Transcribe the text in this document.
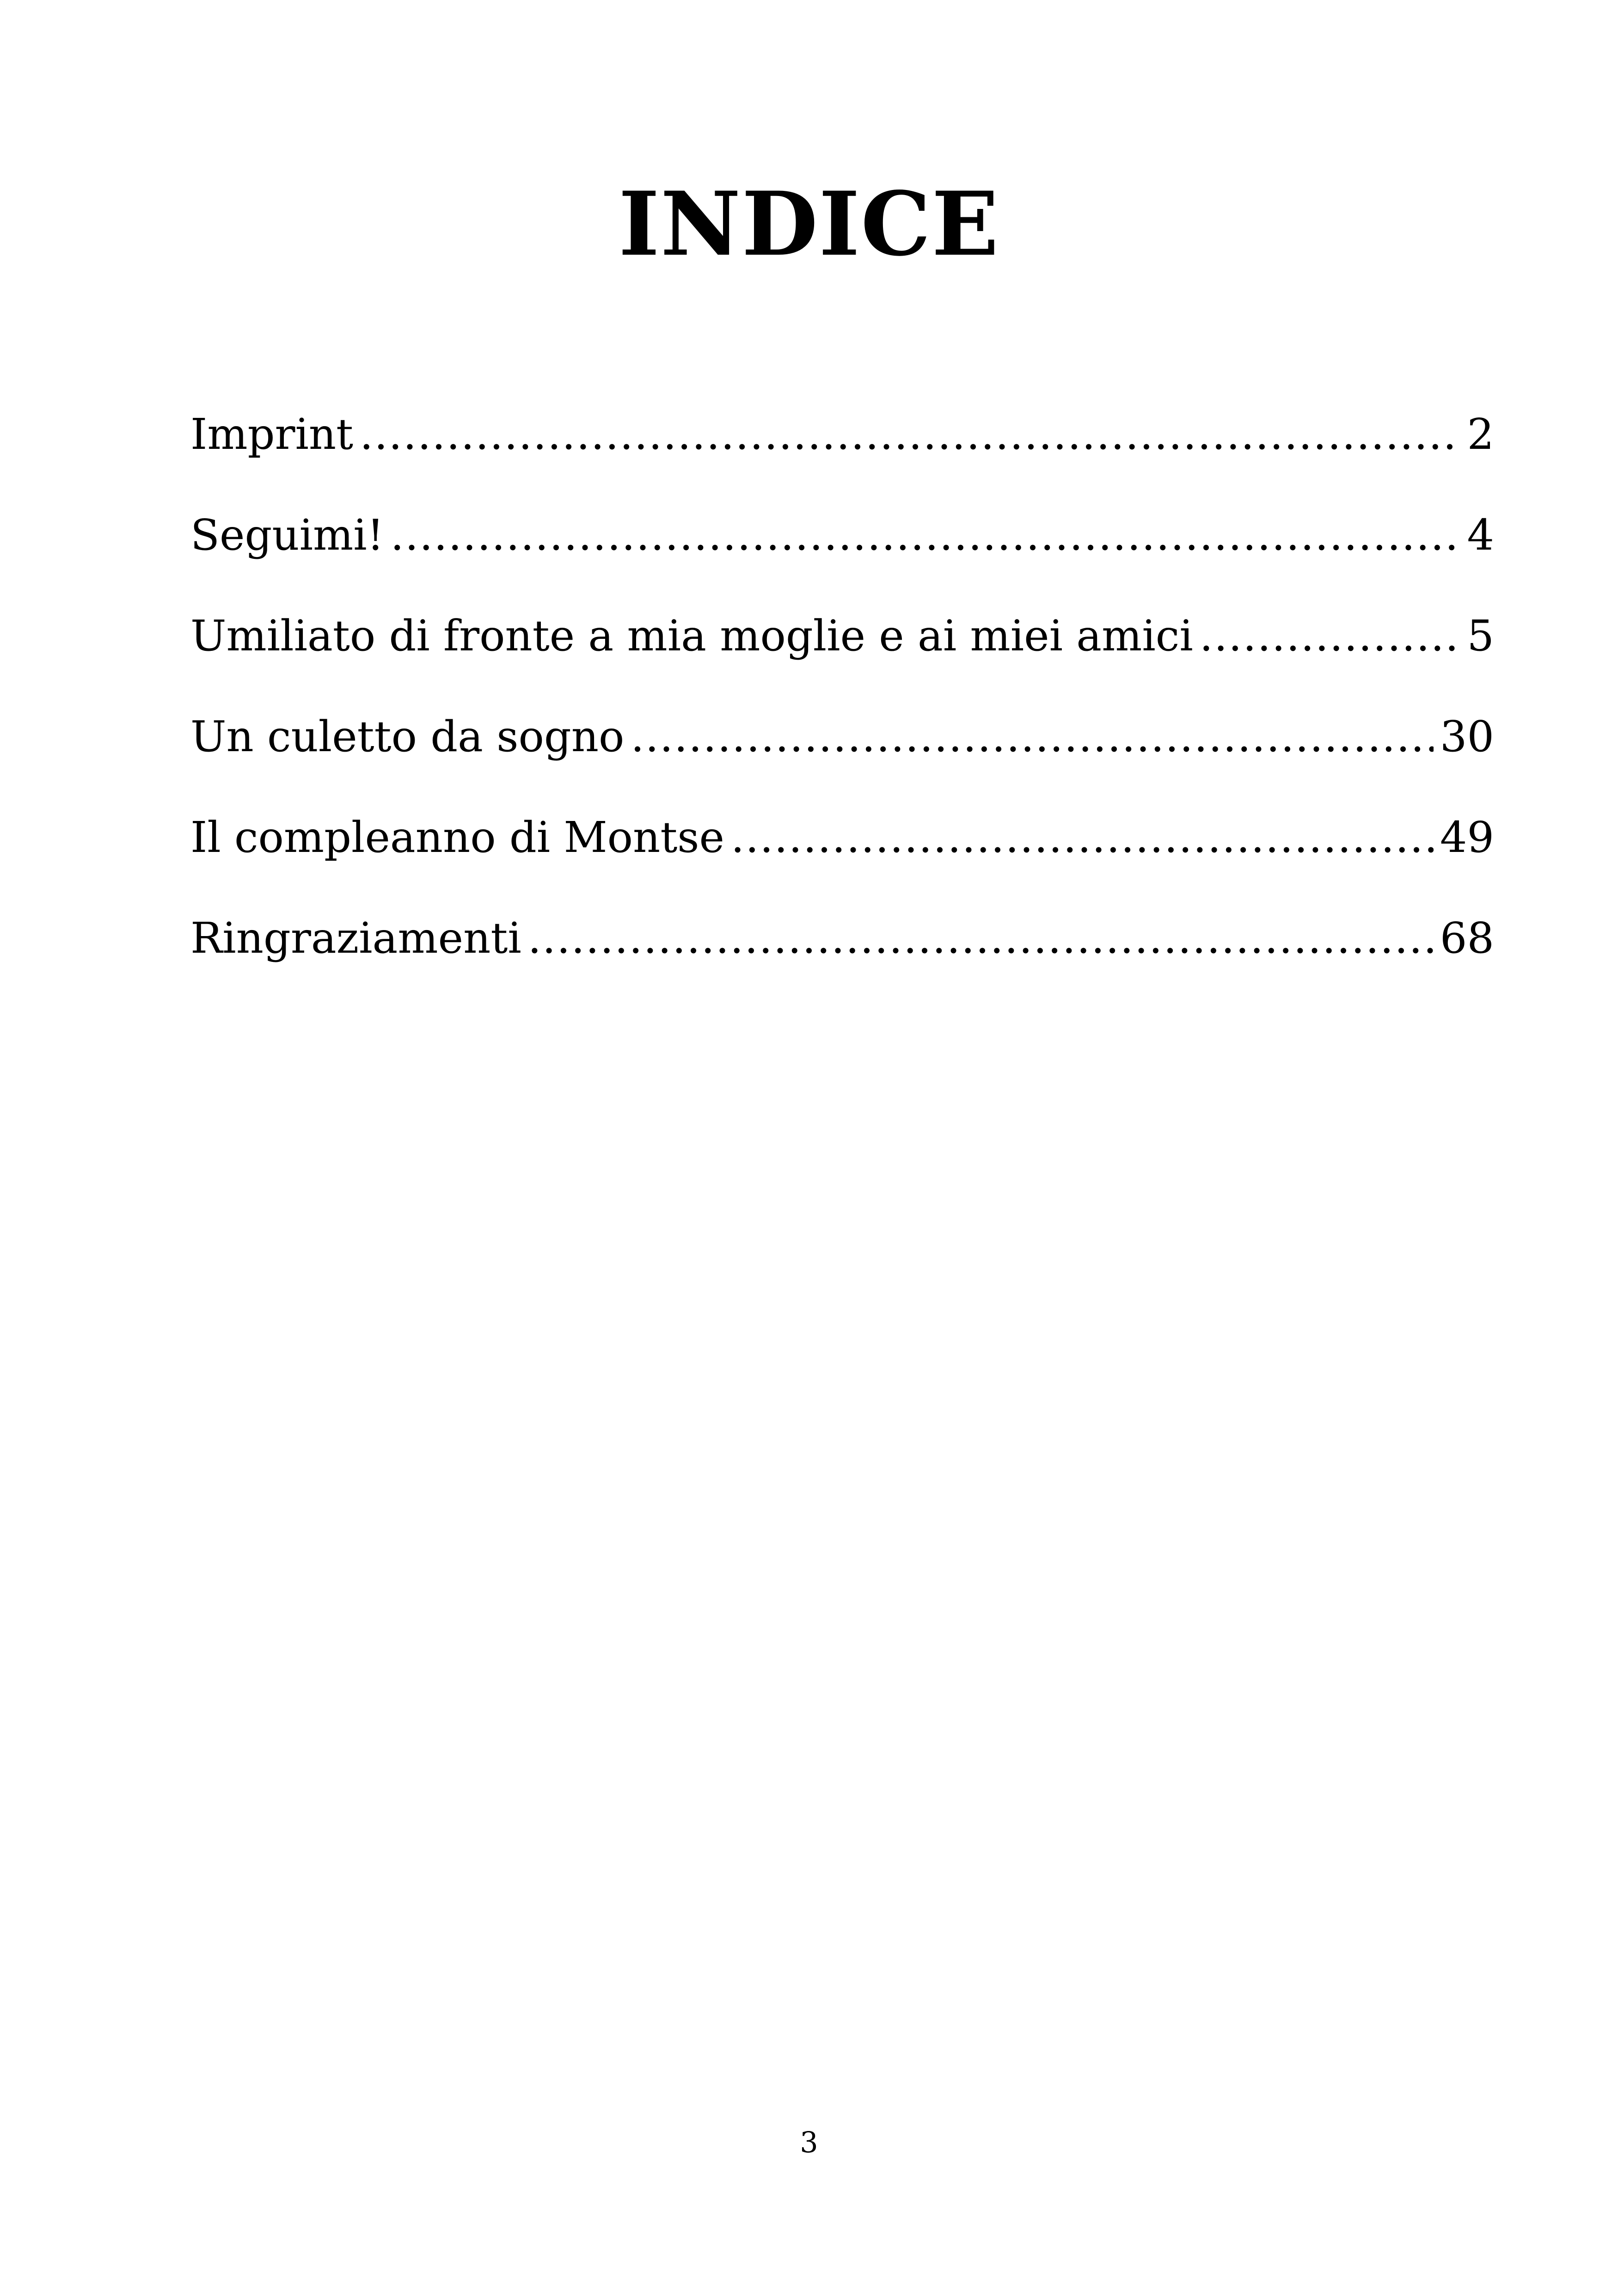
INDICE
Imprint .....	2
Seguimi! .....	4
Umiliato di fronte a mia moglie e ai miei amici .....	5
Un culetto da sogno .....	30
Il compleanno di Montse .....	49
Ringraziamenti .....	68
3
